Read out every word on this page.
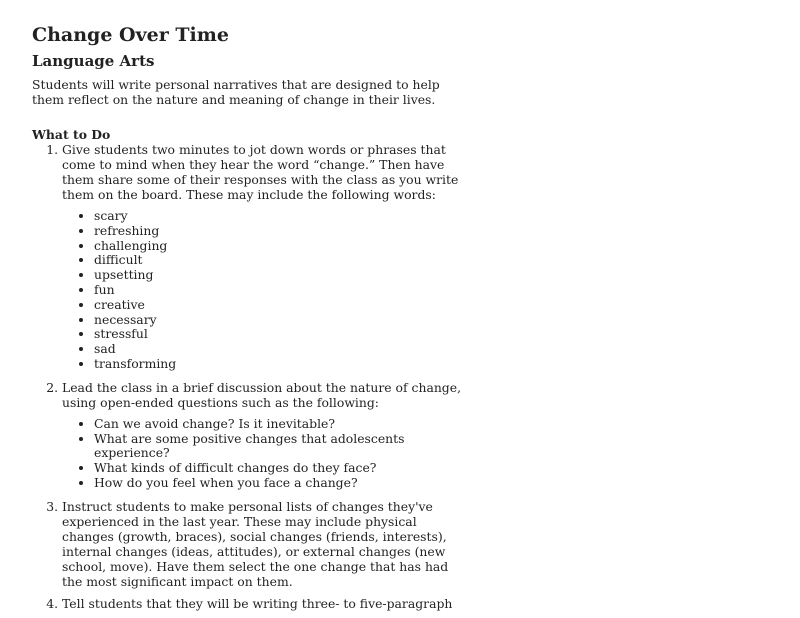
Change Over Time
Language Arts

Students will write personal narratives that are designed to help them reflect on the nature and meaning of change in their lives.

What to Do
1. Give students two minutes to jot down words or phrases that come to mind when they hear the word “change.” Then have them share some of their responses with the class as you write them on the board. These may include the following words:
• scary
• refreshing
• challenging
• difficult
• upsetting
• fun
• creative
• necessary
• stressful
• sad
• transforming
2. Lead the class in a brief discussion about the nature of change, using open-ended questions such as the following:
• Can we avoid change? Is it inevitable?
• What are some positive changes that adolescents experience?
• What kinds of difficult changes do they face?
• How do you feel when you face a change?
3. Instruct students to make personal lists of changes they've experienced in the last year. These may include physical changes (growth, braces), social changes (friends, interests), internal changes (ideas, attitudes), or external changes (new school, move). Have them select the one change that has had the most significant impact on them.
4. Tell students that they will be writing three- to five-paragraph
